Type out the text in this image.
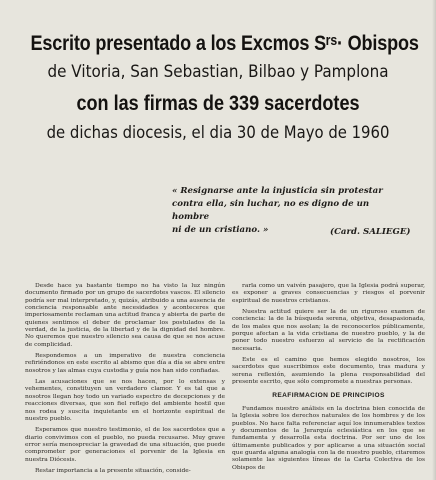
Escrito presentado a los Excmos Sʳˢ· Obispos
de Vitoria, San Sebastian, Bilbao y Pamplona
con las firmas de 339 sacerdotes
de dichas diocesis, el dia 30 de Mayo de 1960

« Resignarse ante la injusticia sin protestar

contra ella, sin luchar, no es digno de un hombre

ni de un cristiano. »	(Card. SALIEGE)

Desde hace ya bastante tiempo no ha visto la luz ningún documento firmado por un grupo de sacerdotes vascos. El silencio podría ser mal interpretado, y, quizás, atribuido a una ausencia de conciencia responsable ante necesidades y aconteceres que imperiosamente reclaman una actitud franca y abierta de parte de quienes sentimos el deber de proclamar los postulados de la verdad, de la justicia, de la libertad y de la dignidad del hombre. No queremos que nuestro silencio sea causa de que se nos acuse de complicidad.

Respondemos a un imperativo de nuestra conciencia refiriéndonos en este escrito al abismo que día a día se abre entre nosotros y las almas cuya custodia y guía nos han sido confiadas.

Las acusaciones que se nos hacen, por lo extensas y vehementes, constituyen un verdadero clamor. Y es tal que a nosotros llegan hoy todo un variado espectro de decepciones y de reacciones diversas, que son fiel reflejo del ambiente hostil que nos rodea y suscita inquietante en el horizonte espiritual de nuestro pueblo.

Esperamos que nuestro testimonio, el de los sacerdotes que a diario convivimos con el pueblo, no pueda recusarse. Muy grave error sería menospreciar la gravedad de una situación, que puede comprometer por generaciones el porvenir de la Iglesia en nuestra Diócesis.

Restar importancia a la presente situación, conside-

rarla como un vaivén pasajero, que la Iglesia podrá superar, es exponer a graves consecuencias y riesgos el porvenir espiritual de nuestros cristianos.

Nuestra actitud quiere ser la de un riguroso examen de conciencia: la de la búsqueda serena, objetiva, desapasionada, de los males que nos asolan; la de reconocerlos públicamente, porque afectan a la vida cristiana de nuestro pueblo, y la de poner todo nuestro esfuerzo al servicio de la rectificación necesaria.

Este es el camino que hemos elegido nosotros, los sacerdotes que suscribimos este documento, tras madura y serena reflexión, asumiendo la plena responsabilidad del presente escrito, que sólo compromete a nuestras personas.

REAFIRMACION DE PRINCIPIOS

Fundamos nuestro análisis en la doctrina bien conocida de la Iglesia sobre los derechos naturales de los hombres y de los pueblos. No hace falta referenciar aquí los innumerables textos y documentos de la Jerarquía eclesiástica en los que se fundamenta y desarrolla esta doctrina. Por ser uno de los últimamente publicados y por aplicarse a una situación social que guarda alguna analogía con la de nuestro pueblo, citaremos solamente las siguientes líneas de la Carta Colectiva de los Obispos de
